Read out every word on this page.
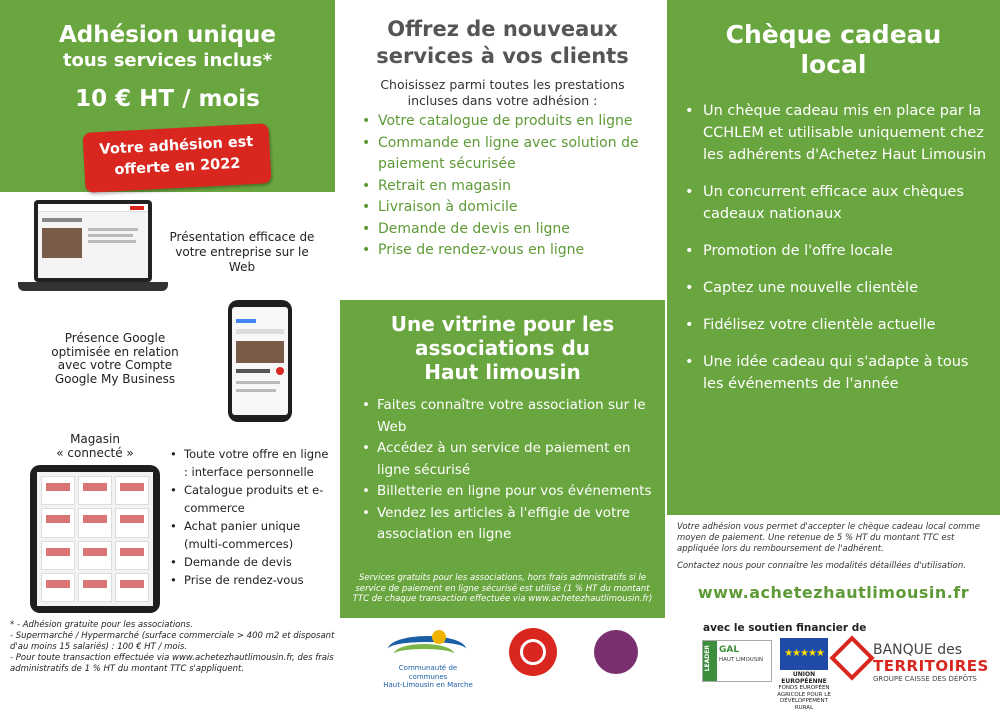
Adhésion unique
tous services inclus*
10 € HT / mois
Votre adhésion est
offerte en 2022
Offrez de nouveaux
services à vos clients
Choisissez parmi toutes les prestations
incluses dans votre adhésion :
• Votre catalogue de produits en ligne
• Commande en ligne avec solution de paiement sécurisée
• Retrait en magasin
• Livraison à domicile
• Demande de devis en ligne
• Prise de rendez-vous en ligne
Une vitrine pour les
associations du
Haut limousin
• Faites connaître votre association sur le Web
• Accédez à un service de paiement en ligne sécurisé
• Billetterie en ligne pour vos événements
• Vendez les articles à l'effigie de votre association en ligne
Services gratuits pour les associations, hors frais admnistratifs si le service de paiement en ligne sécurisé est utilisé (1 % HT du montant TTC de chaque transaction effectuée via www.achetezhautlimousin.fr)
Chèque cadeau
local
• Un chèque cadeau mis en place par la CCHLEM et utilisable uniquement chez les adhérents d'Achetez Haut Limousin
• Un concurrent efficace aux chèques cadeaux nationaux
• Promotion de l'offre locale
• Captez une nouvelle clientèle
• Fidélisez votre clientèle actuelle
• Une idée cadeau qui s'adapte à tous les événements de l'année
Votre adhésion vous permet d'accepter le chèque cadeau local comme moyen de paiement. Une retenue de 5 % HT du montant TTC est appliquée lors du remboursement de l'adhérent.
Contactez nous pour connaitre les modalités détaillées d'utilisation.
www.achetezhautlimousin.fr
Présentation efficace de votre entreprise sur le Web
Présence Google optimisée en relation avec votre Compte Google My Business
Magasin
« connecté »
•	Toute votre offre en ligne : interface personnelle
• Catalogue produits et e-commerce
• Achat panier unique (multi-commerces)
• Demande de devis
• Prise de rendez-vous
* - Adhésion gratuite pour les associations.
- Supermarché / Hypermarché (surface commerciale > 400 m2 et disposant d'au moins 15 salariés) : 100 € HT / mois.
- Pour toute transaction effectuée via www.achetezhautlimousin.fr, des frais administratifs de 1 % HT du montant TTC s'appliquent.	Communauté de communes
Haut-Limousin en Marche
avec le soutien financier de
GAL
HAUT LIMOUSIN
LEADER	★★★★★
UNION EUROPÉENNE
FONDS EUROPÉEN AGRICOLE POUR LE DÉVELOPPEMENT RURAL
BANQUE des
TERRITOIRES
GROUPE CAISSE DES DÉPÔTS
